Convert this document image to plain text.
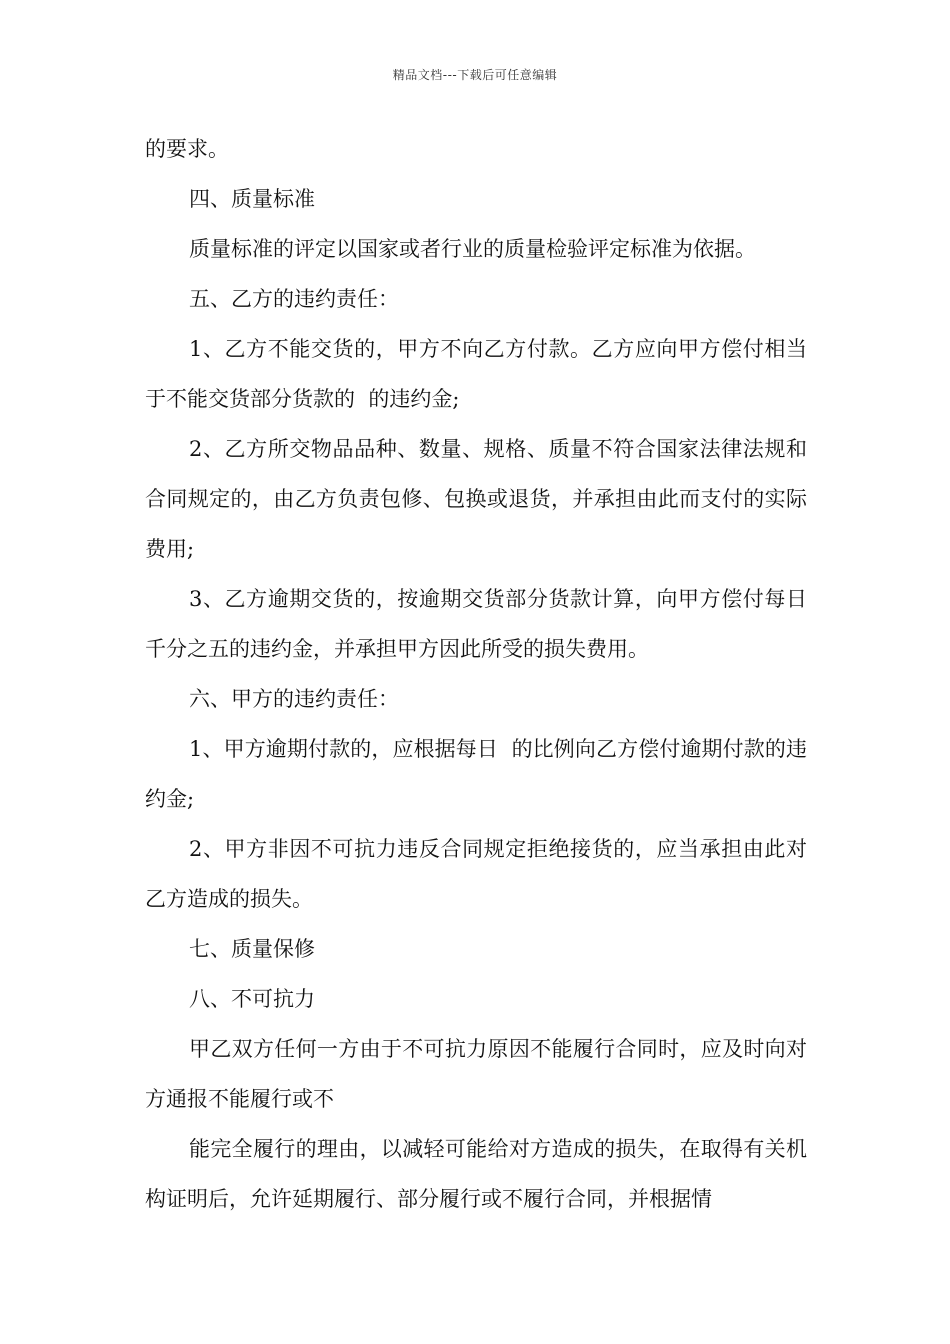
精品文档---下载后可任意编辑

的要求。

四、质量标准

质量标准的评定以国家或者行业的质量检验评定标准为依据。

五、乙方的违约责任：

1、乙方不能交货的，甲方不向乙方付款。乙方应向甲方偿付相当于不能交货部分货款的  的违约金;

2、乙方所交物品品种、数量、规格、质量不符合国家法律法规和合同规定的，由乙方负责包修、包换或退货，并承担由此而支付的实际费用;

3、乙方逾期交货的，按逾期交货部分货款计算，向甲方偿付每日千分之五的违约金，并承担甲方因此所受的损失费用。

六、甲方的违约责任：

1、甲方逾期付款的，应根据每日  的比例向乙方偿付逾期付款的违约金;

2、甲方非因不可抗力违反合同规定拒绝接货的，应当承担由此对乙方造成的损失。

七、质量保修

八、不可抗力

甲乙双方任何一方由于不可抗力原因不能履行合同时，应及时向对方通报不能履行或不

能完全履行的理由，以减轻可能给对方造成的损失，在取得有关机构证明后，允许延期履行、部分履行或不履行合同，并根据情
